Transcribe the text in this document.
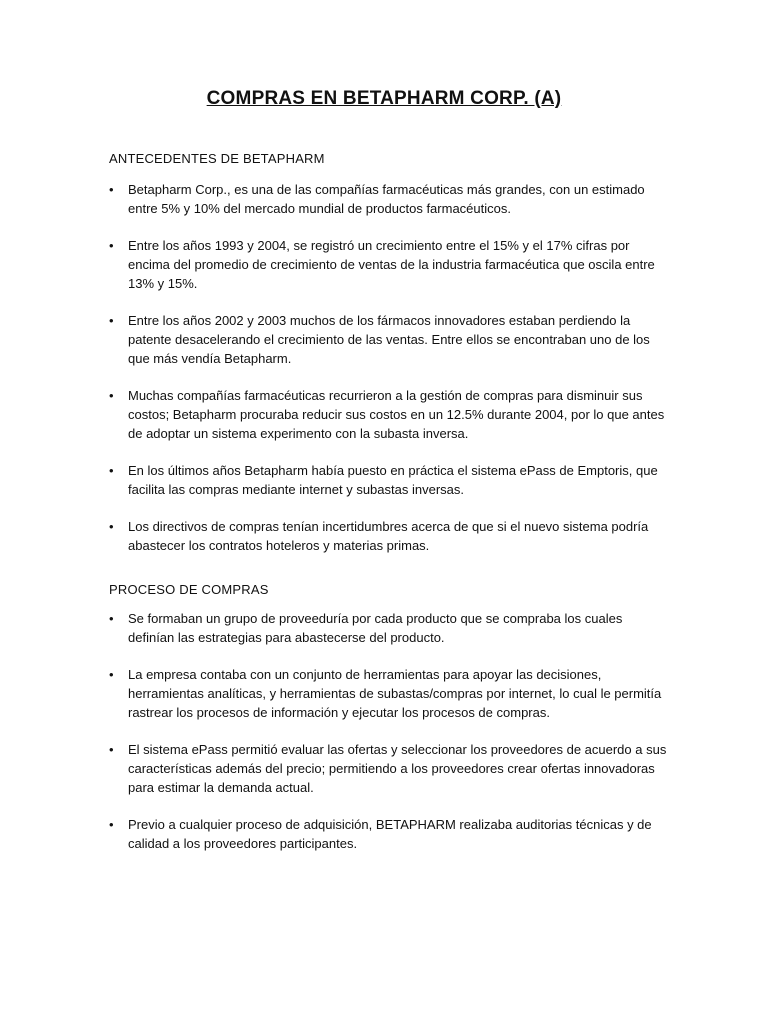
COMPRAS EN BETAPHARM CORP. (A)
ANTECEDENTES DE BETAPHARM
•	Betapharm Corp., es una de las compañías farmacéuticas más grandes, con un estimado entre 5% y 10% del mercado mundial de productos farmacéuticos.
•	Entre los años 1993 y 2004, se registró un crecimiento entre el 15% y el 17% cifras por encima del promedio de crecimiento de ventas de la industria farmacéutica que oscila entre 13% y 15%.
•	Entre los años 2002 y 2003 muchos de los fármacos innovadores estaban perdiendo la patente desacelerando el crecimiento de las ventas. Entre ellos se encontraban uno de los que más vendía Betapharm.
•	Muchas compañías farmacéuticas recurrieron a la gestión de compras para disminuir sus costos; Betapharm procuraba reducir sus costos en un 12.5% durante 2004, por lo que antes de adoptar un sistema experimento con la subasta inversa.
•	En los últimos años Betapharm había puesto en práctica el sistema ePass de Emptoris, que facilita las compras mediante internet y subastas inversas.
•	Los directivos de compras tenían incertidumbres acerca de que si el nuevo sistema podría abastecer los contratos hoteleros y materias primas.
PROCESO DE COMPRAS
•	Se formaban un grupo de proveeduría por cada producto que se compraba los cuales definían las estrategias para abastecerse del producto.
•	La empresa contaba con un conjunto de herramientas para apoyar las decisiones, herramientas analíticas, y herramientas de subastas/compras por internet, lo cual le permitía rastrear los procesos de información y ejecutar los procesos de compras.
•	El sistema ePass permitió evaluar las ofertas y seleccionar los proveedores de acuerdo a sus características además del precio; permitiendo a los proveedores crear ofertas innovadoras para estimar la demanda actual.
•	Previo a cualquier proceso de adquisición, BETAPHARM realizaba auditorias técnicas y de calidad a los proveedores participantes.
